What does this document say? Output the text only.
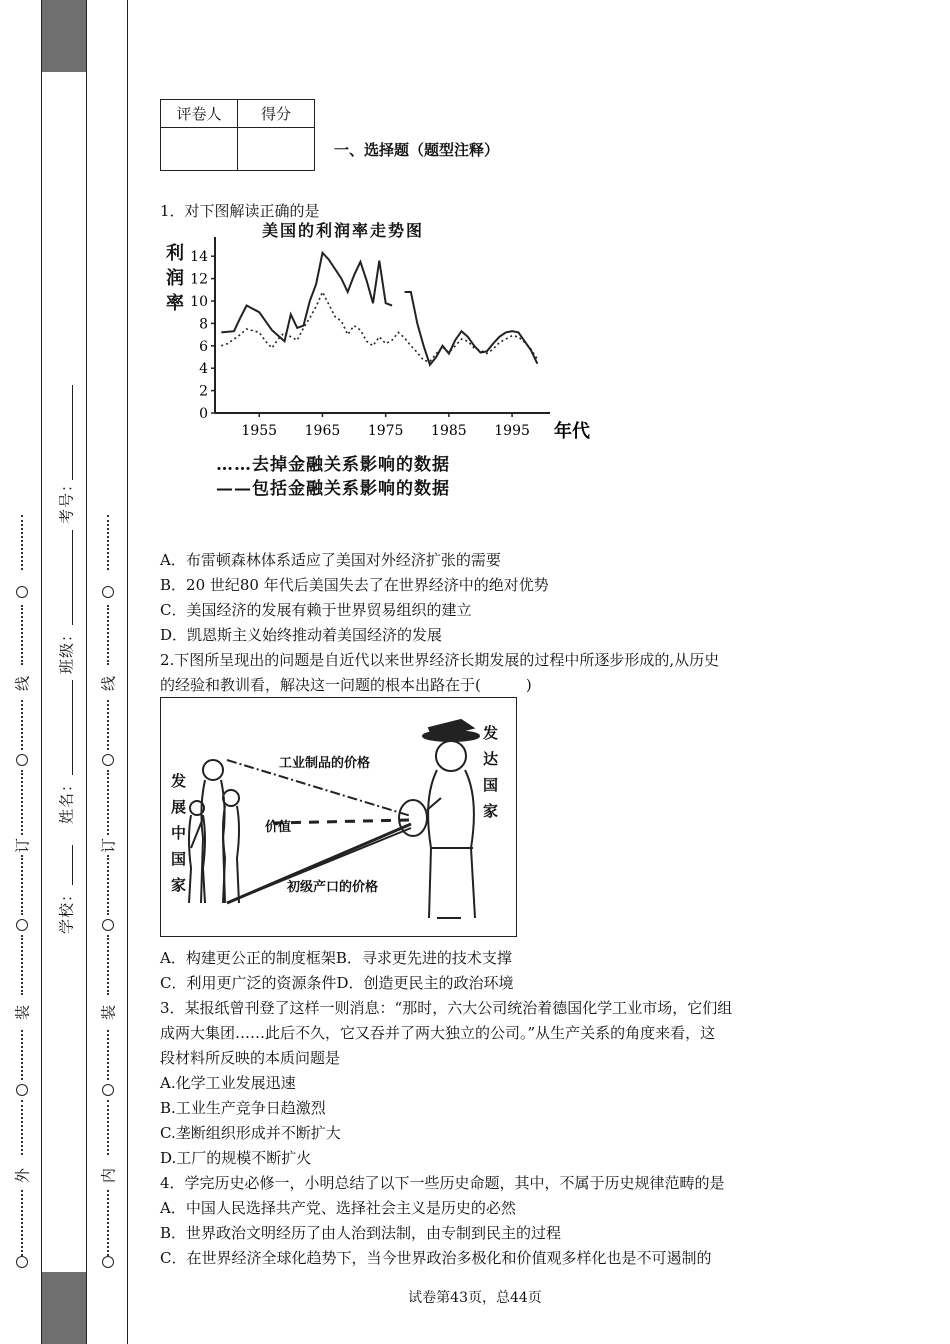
外
装
订
线
内
装
订
线
学校：
姓名：
班级：
考号：
评卷人	得分

一、选择题（题型注释）
1．对下图解读正确的是
美国的利润率走势图
利
润
率
0
2
4
6
8
10
12
14
1955 1965 1975 1985 1995 年代
……去掉金融关系影响的数据
——包括金融关系影响的数据
A．布雷顿森林体系适应了美国对外经济扩张的需要
B．20 世纪80 年代后美国失去了在世界经济中的绝对优势
C．美国经济的发展有赖于世界贸易组织的建立
D．凯恩斯主义始终推动着美国经济的发展
2.下图所呈现出的问题是自近代以来世界经济长期发展的过程中所逐步形成的,从历史
的经验和教训看，解决这一问题的根本出路在于(　　　)
发展中国家
发达国家
工业制品的价格
价值
初级产口的价格
A．构建更公正的制度框架B．寻求更先进的技术支撑
C．利用更广泛的资源条件D．创造更民主的政治环境
3．某报纸曾刊登了这样一则消息：“那时，六大公司统治着德国化学工业市场，它们组
成两大集团……此后不久，它又吞并了两大独立的公司。”从生产关系的角度来看，这
段材料所反映的本质问题是
A.化学工业发展迅速
B.工业生产竞争日趋激烈
C.垄断组织形成并不断扩大
D.工厂的规模不断扩火
4．学完历史必修一，小明总结了以下一些历史命题，其中，不属于历史规律范畴的是
A．中国人民选择共产党、选择社会主义是历史的必然
B．世界政治文明经历了由人治到法制，由专制到民主的过程
C．在世界经济全球化趋势下，当今世界政治多极化和价值观多样化也是不可遏制的
试卷第43页，总44页
